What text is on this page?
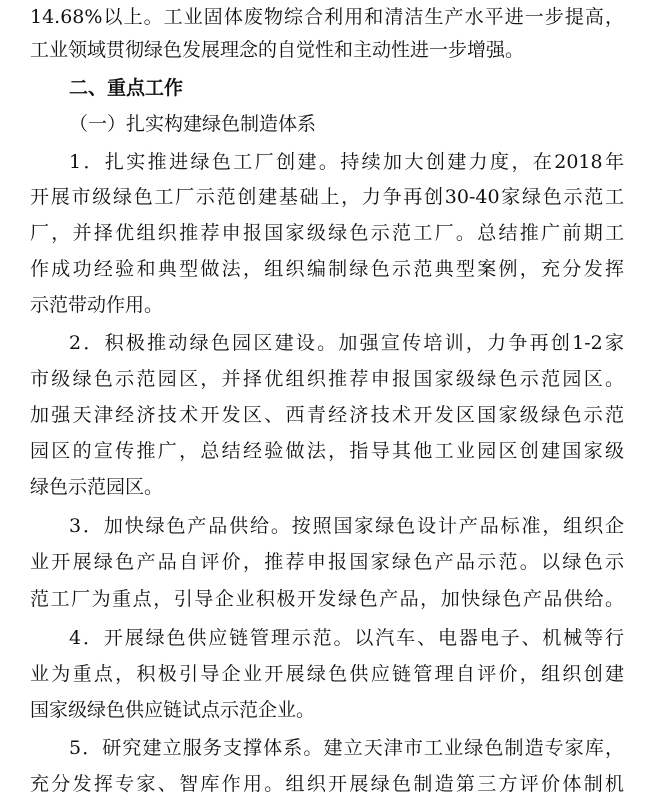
14.68%以上。工业固体废物综合利用和清洁生产水平进一步提高，
工业领域贯彻绿色发展理念的自觉性和主动性进一步增强。
二、重点工作
（一）扎实构建绿色制造体系
1．扎实推进绿色工厂创建。持续加大创建力度，在2018年
开展市级绿色工厂示范创建基础上，力争再创30-40家绿色示范工
厂，并择优组织推荐申报国家级绿色示范工厂。总结推广前期工
作成功经验和典型做法，组织编制绿色示范典型案例，充分发挥
示范带动作用。
2．积极推动绿色园区建设。加强宣传培训，力争再创1-2家
市级绿色示范园区，并择优组织推荐申报国家级绿色示范园区。
加强天津经济技术开发区、西青经济技术开发区国家级绿色示范
园区的宣传推广，总结经验做法，指导其他工业园区创建国家级
绿色示范园区。
3．加快绿色产品供给。按照国家绿色设计产品标准，组织企
业开展绿色产品自评价，推荐申报国家绿色产品示范。以绿色示
范工厂为重点，引导企业积极开发绿色产品，加快绿色产品供给。
4．开展绿色供应链管理示范。以汽车、电器电子、机械等行
业为重点，积极引导企业开展绿色供应链管理自评价，组织创建
国家级绿色供应链试点示范企业。
5．研究建立服务支撑体系。建立天津市工业绿色制造专家库，
充分发挥专家、智库作用。组织开展绿色制造第三方评价体制机
